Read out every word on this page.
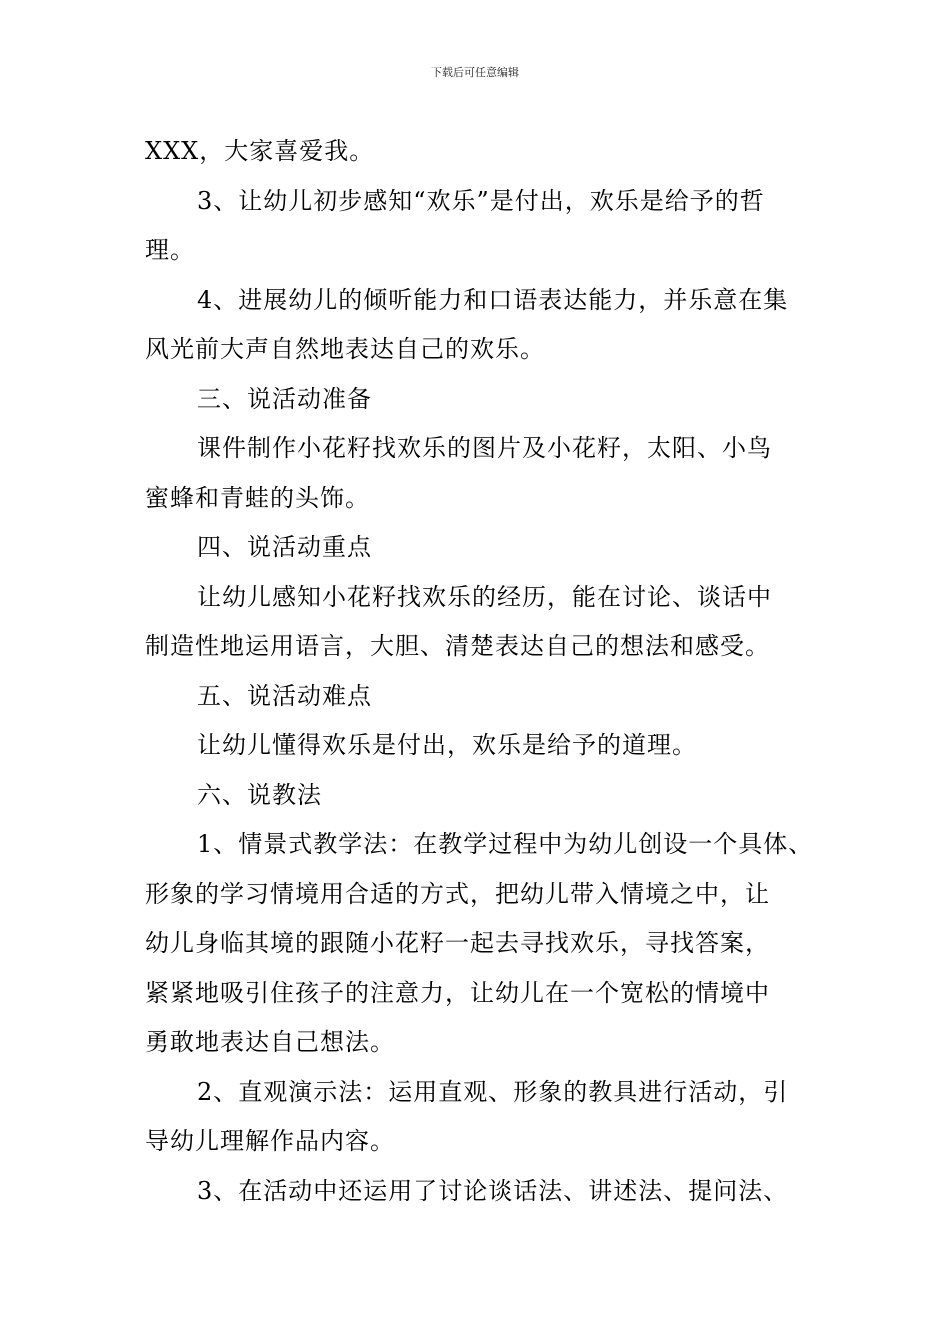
下载后可任意编辑
XXX，大家喜爱我。
3、让幼儿初步感知“欢乐”是付出，欢乐是给予的哲
理。
4、进展幼儿的倾听能力和口语表达能力，并乐意在集
风光前大声自然地表达自己的欢乐。
三、说活动准备
课件制作小花籽找欢乐的图片及小花籽，太阳、小鸟
蜜蜂和青蛙的头饰。
四、说活动重点
让幼儿感知小花籽找欢乐的经历，能在讨论、谈话中
制造性地运用语言，大胆、清楚表达自己的想法和感受。
五、说活动难点
让幼儿懂得欢乐是付出，欢乐是给予的道理。
六、说教法
1、情景式教学法：在教学过程中为幼儿创设一个具体、
形象的学习情境用合适的方式，把幼儿带入情境之中，让
幼儿身临其境的跟随小花籽一起去寻找欢乐，寻找答案，
紧紧地吸引住孩子的注意力，让幼儿在一个宽松的情境中
勇敢地表达自己想法。
2、直观演示法：运用直观、形象的教具进行活动，引
导幼儿理解作品内容。
3、在活动中还运用了讨论谈话法、讲述法、提问法、
